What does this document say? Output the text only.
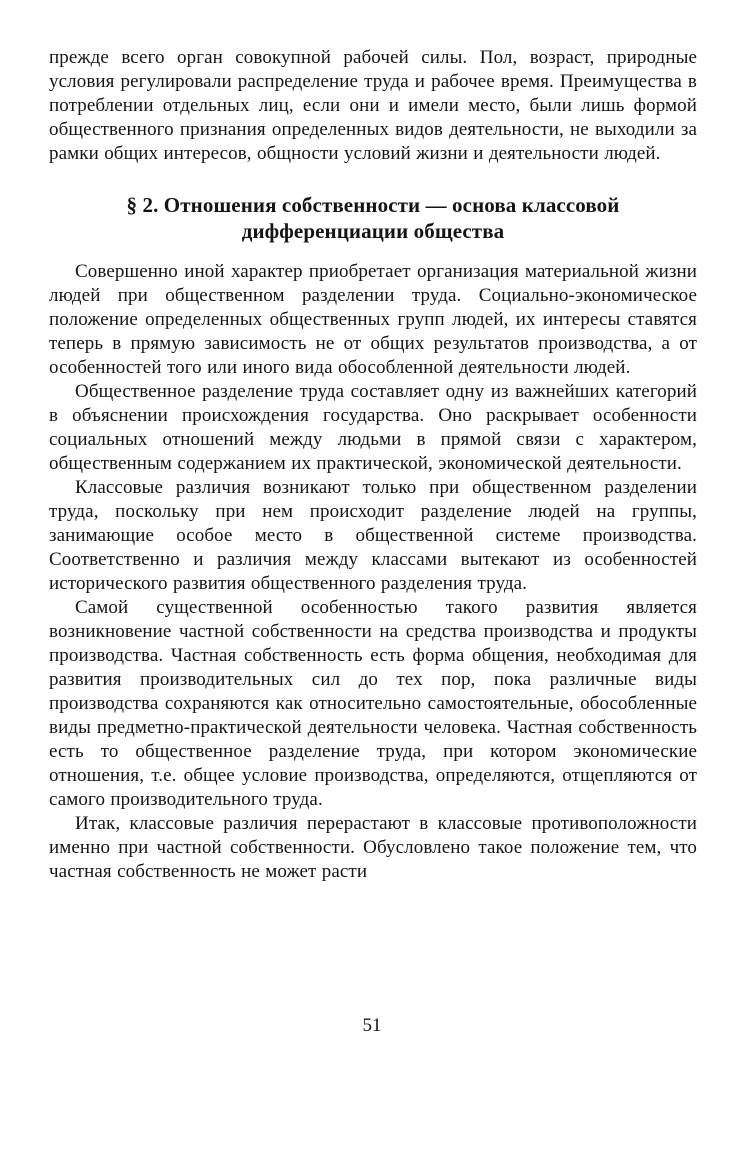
прежде всего орган совокупной рабочей силы. Пол, возраст, природные условия регулировали распределение труда и рабочее время. Преимущества в потреблении отдельных лиц, если они и имели место, были лишь формой общественного признания определенных видов деятельности, не выходили за рамки общих интересов, общности условий жизни и деятельности людей.

§ 2. Отношения собственности — основа классовой дифференциации общества

Совершенно иной характер приобретает организация материальной жизни людей при общественном разделении труда. Социально-экономическое положение определенных общественных групп людей, их интересы ставятся теперь в прямую зависимость не от общих результатов производства, а от особенностей того или иного вида обособленной деятельности людей.

Общественное разделение труда составляет одну из важнейших категорий в объяснении происхождения государства. Оно раскрывает особенности социальных отношений между людьми в прямой связи с характером, общественным содержанием их практической, экономической деятельности.

Классовые различия возникают только при общественном разделении труда, поскольку при нем происходит разделение людей на группы, занимающие особое место в общественной системе производства. Соответственно и различия между классами вытекают из особенностей исторического развития общественного разделения труда.

Самой существенной особенностью такого развития является возникновение частной собственности на средства производства и продукты производства. Частная собственность есть форма общения, необходимая для развития производительных сил до тех пор, пока различные виды производства сохраняются как относительно самостоятельные, обособленные виды предметно-практической деятельности человека. Частная собственность есть то общественное разделение труда, при котором экономические отношения, т.е. общее условие производства, определяются, отщепляются от самого производительного труда.

Итак, классовые различия перерастают в классовые противоположности именно при частной собственности. Обусловлено такое положение тем, что частная собственность не может расти

51
